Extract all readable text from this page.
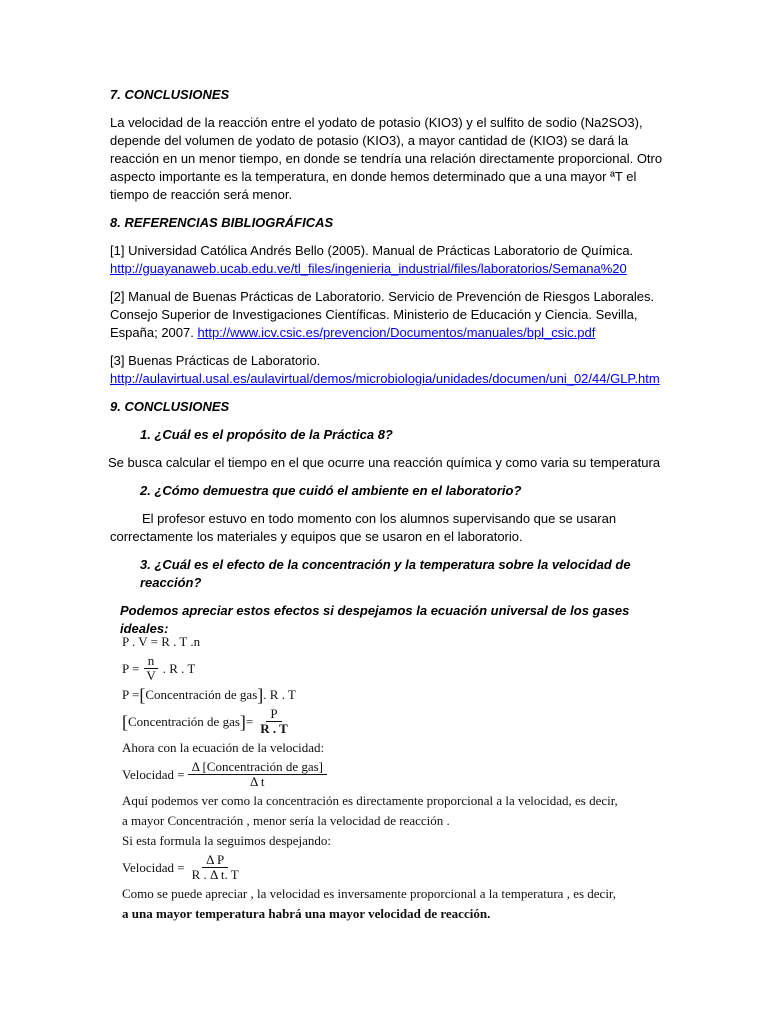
7. CONCLUSIONES

La velocidad de la reacción entre el yodato de potasio (KIO3) y el sulfito de sodio (Na2SO3), depende del volumen de yodato de potasio (KIO3), a mayor cantidad de (KIO3) se dará la reacción en un menor tiempo, en donde se tendría una relación directamente proporcional. Otro aspecto importante es la temperatura, en donde hemos determinado que a una mayor ªT el tiempo de reacción será menor.

8. REFERENCIAS BIBLIOGRÁFICAS

[1] Universidad Católica Andrés Bello (2005). Manual de Prácticas Laboratorio de Química.
http://guayanaweb.ucab.edu.ve/tl_files/ingenieria_industrial/files/laboratorios/Semana%20

[2] Manual de Buenas Prácticas de Laboratorio. Servicio de Prevención de Riesgos Laborales. Consejo Superior de Investigaciones Científicas. Ministerio de Educación y Ciencia. Sevilla, España; 2007. http://www.icv.csic.es/prevencion/Documentos/manuales/bpl_csic.pdf

[3] Buenas Prácticas de Laboratorio.
http://aulavirtual.usal.es/aulavirtual/demos/microbiologia/unidades/documen/uni_02/44/GLP.htm

9. CONCLUSIONES

1. ¿Cuál es el propósito de la Práctica 8?

Se busca calcular el tiempo en el que ocurre una reacción química y como varia su temperatura

2. ¿Cómo demuestra que cuidó el ambiente en el laboratorio?

El profesor estuvo en todo momento con los alumnos supervisando que se usaran correctamente los materiales y equipos que se usaron en el laboratorio.

3. ¿Cuál es el efecto de la concentración y la temperatura sobre la velocidad de reacción?

Podemos apreciar estos efectos si despejamos la ecuación universal de los gases ideales:

P . V = R . T .n
$P = \frac{n}{V}$ . R . T
P = [ Concentración de gas ] . R . T
[ Concentración de gas ] = $\frac{P}{R . T}$
Ahora con la ecuación de la velocidad:
Velocidad = $\frac{\text{Δ [Concentración de gas]}}{\text{Δ t}}$
Aquí podemos ver como la concentración es directamente proporcional a la velocidad, es decir,
a mayor Concentración , menor sería la velocidad de reacción .
Si esta formula la seguimos despejando:
Velocidad = $\frac{\text{Δ P}}{\text{R . Δ t. T}}$
Como se puede apreciar , la velocidad es inversamente proporcional a la temperatura , es decir,
a una mayor temperatura habrá una mayor velocidad de reacción.
